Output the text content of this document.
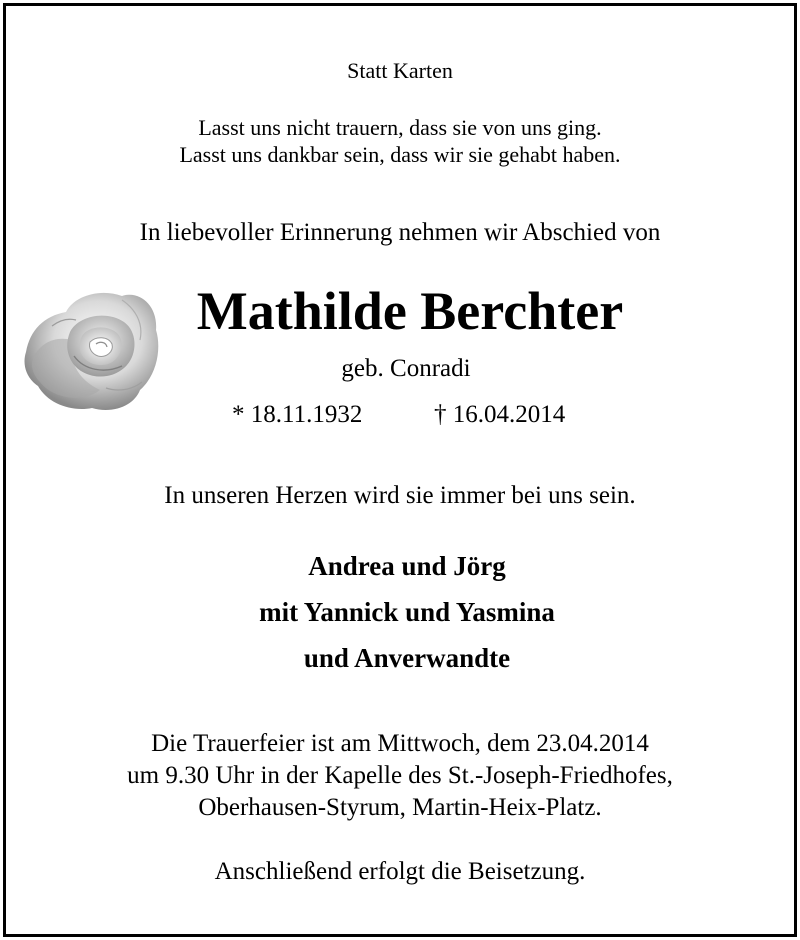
Statt Karten
Lasst uns nicht trauern, dass sie von uns ging.
Lasst uns dankbar sein, dass wir sie gehabt haben.
In liebevoller Erinnerung nehmen wir Abschied von
Mathilde Berchter
geb. Conradi
* 18.11.1932	† 16.04.2014
In unseren Herzen wird sie immer bei uns sein.
Andrea und Jörg
mit Yannick und Yasmina
und Anverwandte
Die Trauerfeier ist am Mittwoch, dem 23.04.2014
um 9.30 Uhr in der Kapelle des St.-Joseph-Friedhofes,
Oberhausen-Styrum, Martin-Heix-Platz.
Anschließend erfolgt die Beisetzung.
